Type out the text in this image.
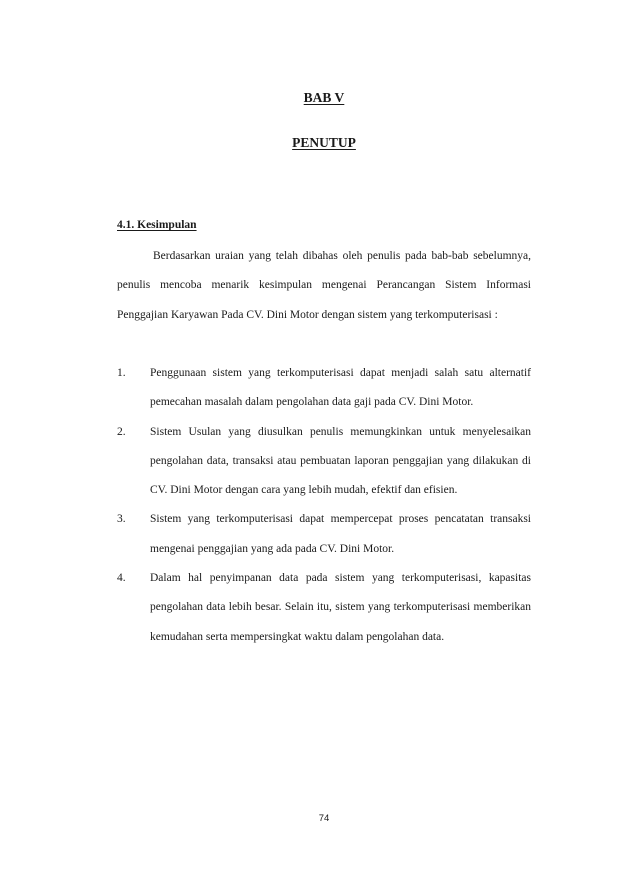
BAB V
PENUTUP
4.1. Kesimpulan

Berdasarkan uraian yang telah dibahas oleh penulis pada bab-bab sebelumnya, penulis mencoba menarik kesimpulan mengenai Perancangan Sistem Informasi Penggajian Karyawan Pada CV. Dini Motor dengan sistem yang terkomputerisasi :

1. Penggunaan sistem yang terkomputerisasi dapat menjadi salah satu alternatif pemecahan masalah dalam pengolahan data gaji pada CV. Dini Motor.
2. Sistem Usulan yang diusulkan penulis memungkinkan untuk menyelesaikan pengolahan data, transaksi atau pembuatan laporan penggajian yang dilakukan di CV. Dini Motor dengan cara yang lebih mudah, efektif dan efisien.
3. Sistem yang terkomputerisasi dapat mempercepat proses pencatatan transaksi mengenai penggajian yang ada pada CV. Dini Motor.
4. Dalam hal penyimpanan data pada sistem yang terkomputerisasi, kapasitas pengolahan data lebih besar. Selain itu, sistem yang terkomputerisasi memberikan kemudahan serta mempersingkat waktu dalam pengolahan data.
74
